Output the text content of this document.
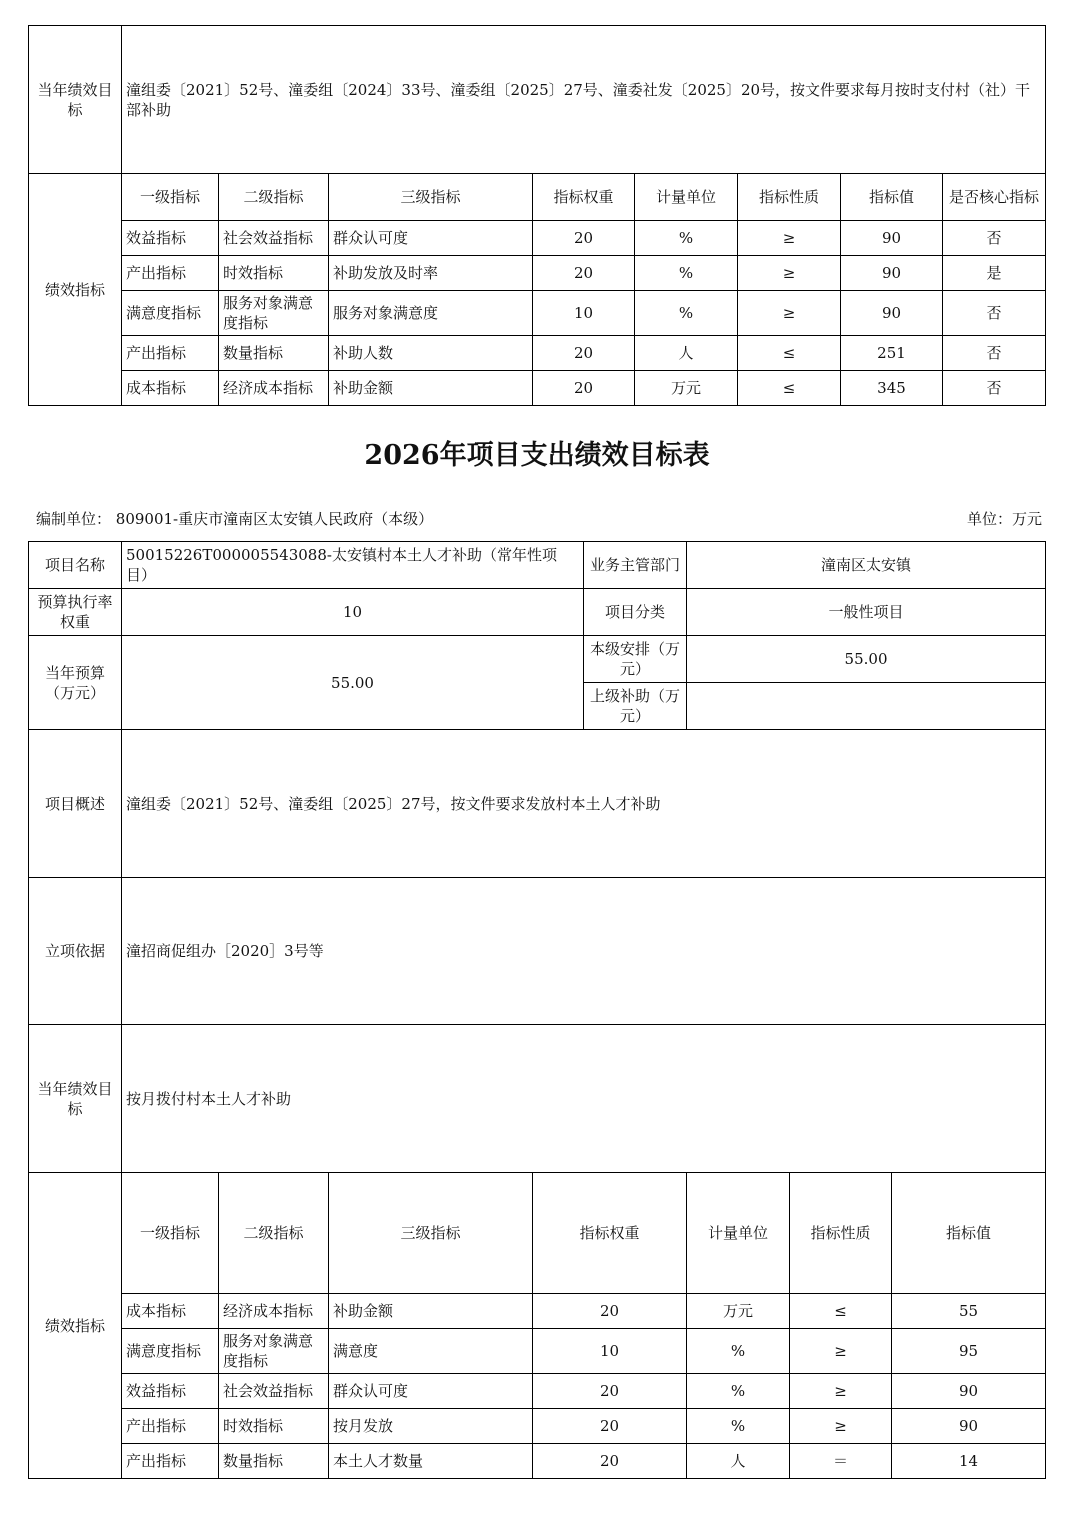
当年绩效目标	潼组委〔2021〕52号、潼委组〔2024〕33号、潼委组〔2025〕27号、潼委社发〔2025〕20号，按文件要求每月按时支付村（社）干部补助							
绩效指标	一级指标	二级指标	三级指标	指标权重	计量单位	指标性质	指标值	是否核心指标
	效益指标	社会效益指标	群众认可度	20	%	≥	90	否
	产出指标	时效指标	补助发放及时率	20	%	≥	90	是
	满意度指标	服务对象满意度指标	服务对象满意度	10	%	≥	90	否
	产出指标	数量指标	补助人数	20	人	≤	251	否
	成本指标	经济成本指标	补助金额	20	万元	≤	345	否
2026年项目支出绩效目标表
编制单位： 809001-重庆市潼南区太安镇人民政府（本级）	单位：万元
项目名称	50015226T000005543088-太安镇村本土人才补助（常年性项目）				业务主管部门	潼南区太安镇			
预算执行率权重	10				项目分类	一般性项目			
当年预算（万元）	55.00				本级安排（万元）	55.00			
					上级补助（万元）				
项目概述	潼组委〔2021〕52号、潼委组〔2025〕27号，按文件要求发放村本土人才补助								
立项依据	潼招商促组办［2020］3号等								
当年绩效目标	按月拨付村本土人才补助								
绩效指标	一级指标	二级指标	三级指标	指标权重		计量单位	指标性质	指标值	
	成本指标	经济成本指标	补助金额	20		万元	≤	55	
	满意度指标	服务对象满意度指标	满意度	10		%	≥	95	
	效益指标	社会效益指标	群众认可度	20		%	≥	90	
	产出指标	时效指标	按月发放	20		%	≥	90	
	产出指标	数量指标	本土人才数量	20		人	＝	14	
